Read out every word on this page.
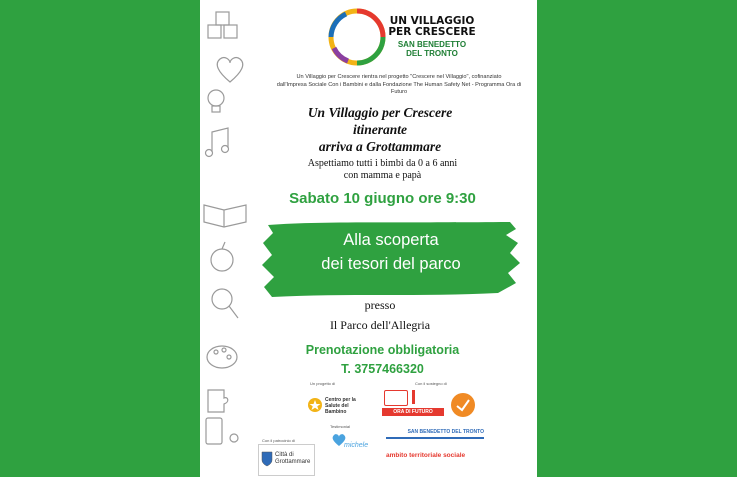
UN VILLAGGIO
PER CRESCERE
SAN BENEDETTO
DEL TRONTO
Un Villaggio per Crescere rientra nel progetto "Crescere nel Villaggio", cofinanziato
dall'Impresa Sociale Con i Bambini e dalla Fondazione The Human Safety Net - Programma Ora di Futuro
Un Villaggio per Crescere
itinerante
arriva a Grottammare
Aspettiamo tutti i bimbi da 0 a 6 anni
con mamma e papà
Sabato 10 giugno ore 9:30
Alla scoperta
dei tesori del parco
presso
Il Parco dell'Allegria
Prenotazione obbligatoria
T. 3757466320
Un progetto di
Centro per la Salute del Bambino
Con il sostegno di
ORA DI FUTURO
Con il patrocinio di
Città di
Grottammare
Testimonial
michele
SAN BENEDETTO DEL TRONTO
ambito territoriale sociale
